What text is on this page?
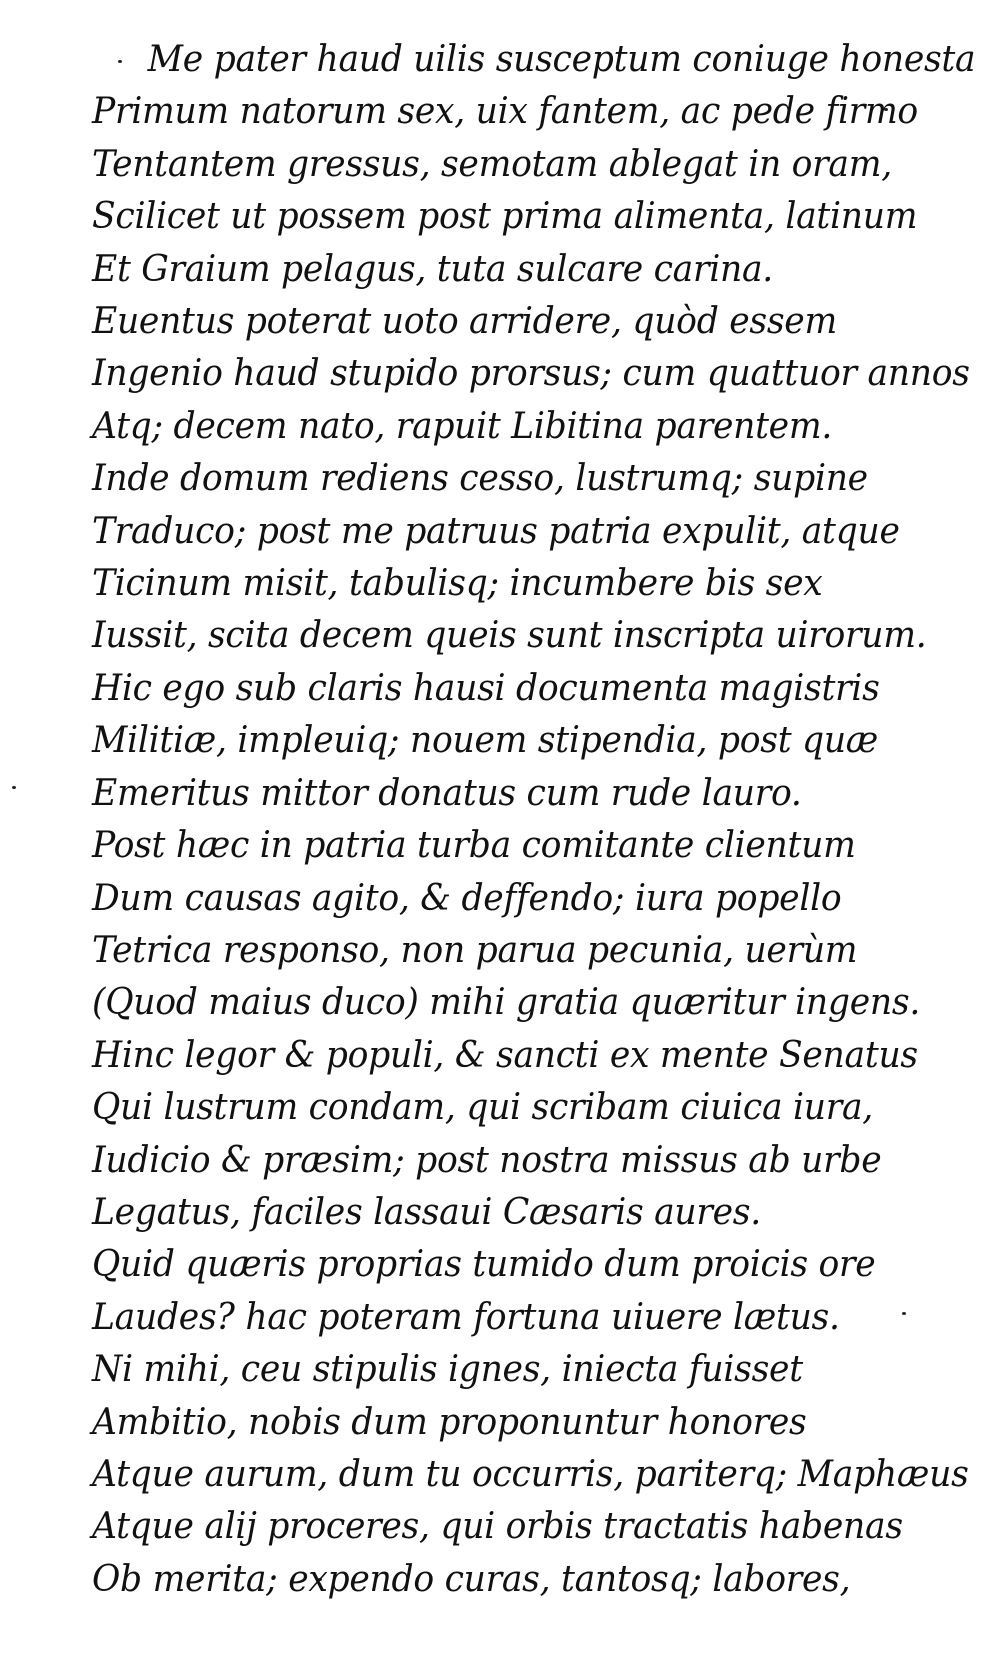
Me pater haud uilis susceptum coniuge honesta
Primum natorum sex, uix fantem, ac pede firmo
Tentantem gressus, semotam ablegat in oram,
Scilicet ut possem post prima alimenta, latinum
Et Graium pelagus, tuta sulcare carina.
Euentus poterat uoto arridere, quòd essem
Ingenio haud stupido prorsus; cum quattuor annos
Atq; decem nato, rapuit Libitina parentem.
Inde domum rediens cesso, lustrumq; supine
Traduco; post me patruus patria expulit, atque
Ticinum misit, tabulisq; incumbere bis sex
Iussit, scita decem queis sunt inscripta uirorum.
Hic ego sub claris hausi documenta magistris
Militiæ, impleuiq; nouem stipendia, post quæ
Emeritus mittor donatus cum rude lauro.
Post hæc in patria turba comitante clientum
Dum causas agito, & deffendo; iura popello
Tetrica responso, non parua pecunia, uerùm
(Quod maius duco) mihi gratia quæritur ingens.
Hinc legor & populi, & sancti ex mente Senatus
Qui lustrum condam, qui scribam ciuica iura,
Iudicio & præsim; post nostra missus ab urbe
Legatus, faciles lassaui Cæsaris aures.
Quid quæris proprias tumido dum proicis ore
Laudes? hac poteram fortuna uiuere lætus.
Ni mihi, ceu stipulis ignes, iniecta fuisset
Ambitio, nobis dum proponuntur honores
Atque aurum, dum tu occurris, pariterq; Maphæus
Atque alij proceres, qui orbis tractatis habenas
Ob merita; expendo curas, tantosq; labores,
